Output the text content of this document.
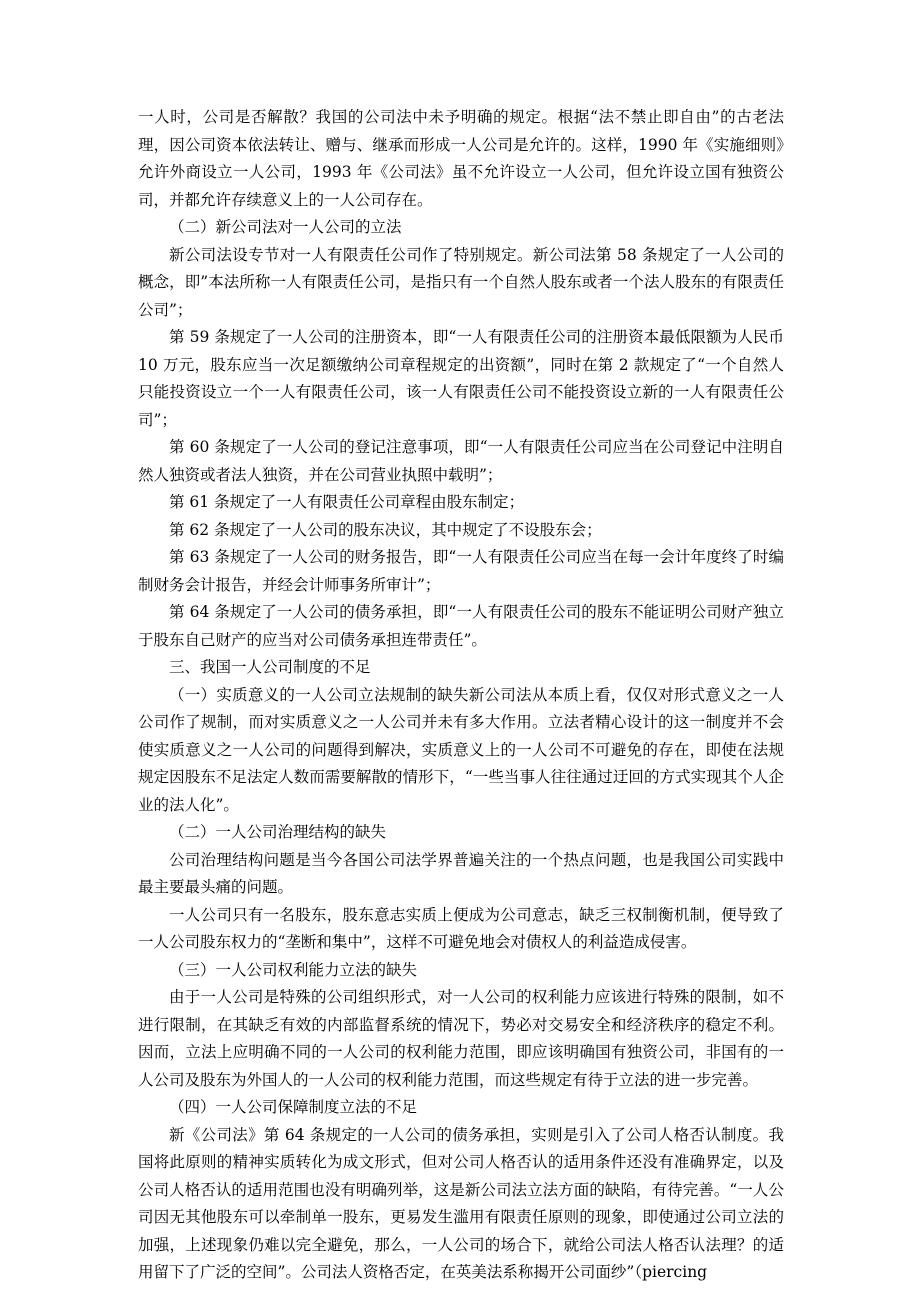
一人时，公司是否解散？我国的公司法中未予明确的规定。根据“法不禁止即自由”的古老法理，因公司资本依法转让、赠与、继承而形成一人公司是允许的。这样，1990 年《实施细则》允许外商设立一人公司，1993 年《公司法》虽不允许设立一人公司，但允许设立国有独资公司，并都允许存续意义上的一人公司存在。

（二）新公司法对一人公司的立法

新公司法设专节对一人有限责任公司作了特别规定。新公司法第 58 条规定了一人公司的概念，即”本法所称一人有限责任公司，是指只有一个自然人股东或者一个法人股东的有限责任公司”；

第 59 条规定了一人公司的注册资本，即“一人有限责任公司的注册资本最低限额为人民币 10 万元，股东应当一次足额缴纳公司章程规定的出资额”，同时在第 2 款规定了“一个自然人只能投资设立一个一人有限责任公司，该一人有限责任公司不能投资设立新的一人有限责任公司”；

第 60 条规定了一人公司的登记注意事项，即“一人有限责任公司应当在公司登记中注明自然人独资或者法人独资，并在公司营业执照中载明”；

第 61 条规定了一人有限责任公司章程由股东制定；

第 62 条规定了一人公司的股东决议，其中规定了不设股东会；

第 63 条规定了一人公司的财务报告，即“一人有限责任公司应当在每一会计年度终了时编制财务会计报告，并经会计师事务所审计”；

第 64 条规定了一人公司的债务承担，即“一人有限责任公司的股东不能证明公司财产独立于股东自己财产的应当对公司债务承担连带责任”。

三、我国一人公司制度的不足

（一）实质意义的一人公司立法规制的缺失新公司法从本质上看，仅仅对形式意义之一人公司作了规制，而对实质意义之一人公司并未有多大作用。立法者精心设计的这一制度并不会使实质意义之一人公司的问题得到解决，实质意义上的一人公司不可避免的存在，即使在法规规定因股东不足法定人数而需要解散的情形下，“一些当事人往往通过迂回的方式实现其个人企业的法人化”。

（二）一人公司治理结构的缺失

公司治理结构问题是当今各国公司法学界普遍关注的一个热点问题，也是我国公司实践中最主要最头痛的问题。

一人公司只有一名股东，股东意志实质上便成为公司意志，缺乏三权制衡机制，便导致了一人公司股东权力的“垄断和集中”，这样不可避免地会对债权人的利益造成侵害。

（三）一人公司权利能力立法的缺失

由于一人公司是特殊的公司组织形式，对一人公司的权利能力应该进行特殊的限制，如不进行限制，在其缺乏有效的内部监督系统的情况下，势必对交易安全和经济秩序的稳定不利。因而，立法上应明确不同的一人公司的权利能力范围，即应该明确国有独资公司，非国有的一人公司及股东为外国人的一人公司的权利能力范围，而这些规定有待于立法的进一步完善。

（四）一人公司保障制度立法的不足

新《公司法》第 64 条规定的一人公司的债务承担，实则是引入了公司人格否认制度。我国将此原则的精神实质转化为成文形式，但对公司人格否认的适用条件还没有准确界定，以及公司人格否认的适用范围也没有明确列举，这是新公司法立法方面的缺陷，有待完善。“一人公司因无其他股东可以牵制单一股东，更易发生滥用有限责任原则的现象，即使通过公司立法的加强，上述现象仍难以完全避免，那么，一人公司的场合下，就给公司法人格否认法理？的适用留下了广泛的空间”。公司法人资格否定，在英美法系称揭开公司面纱”（piercing
